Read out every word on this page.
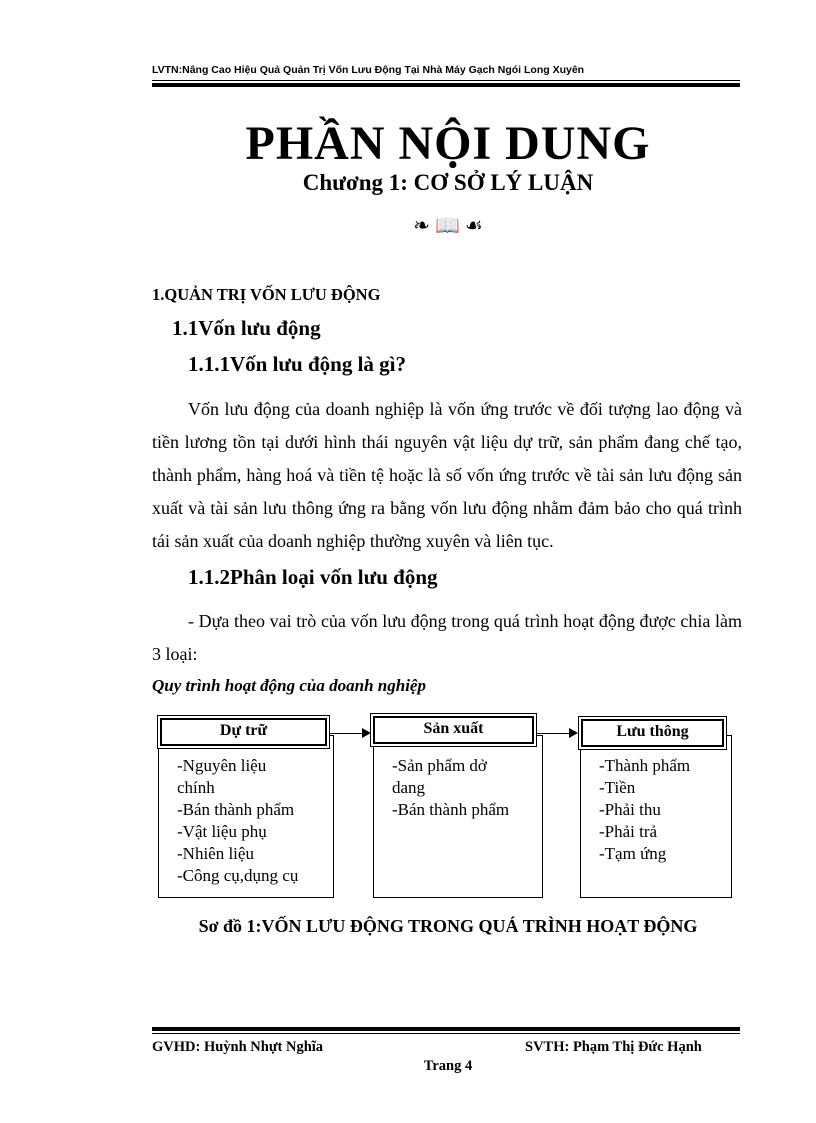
LVTN:Nâng Cao Hiệu Quả Quản Trị Vốn Lưu Động Tại Nhà Máy Gạch Ngói Long Xuyên
PHẦN NỘI DUNG
Chương 1: CƠ SỞ LÝ LUẬN
❧ 📖 ☙
1.QUẢN TRỊ VỐN LƯU ĐỘNG
1.1Vốn lưu động
1.1.1Vốn lưu động là gì?
Vốn lưu động của doanh nghiệp là vốn ứng trước về đối tượng lao động và tiền lương tồn tại dưới hình thái nguyên vật liệu dự trữ, sản phẩm đang chế tạo, thành phẩm, hàng hoá và tiền tệ hoặc là số vốn ứng trước về tài sản lưu động sản xuất và tài sản lưu thông ứng ra bằng vốn lưu động nhằm đảm bảo cho quá trình tái sản xuất của doanh nghiệp thường xuyên và liên tục.
1.1.2Phân loại vốn lưu động
- Dựa theo vai trò của vốn lưu động trong quá trình hoạt động được chia làm 3 loại:
Quy trình hoạt động của doanh nghiệp
-Nguyên liệu
chính
-Bán thành phẩm
-Vật liệu phụ
-Nhiên liệu
-Công cụ,dụng cụ
Dự trữ
-Sản phẩm dở
dang
-Bán thành phẩm
Sản xuất
-Thành phẩm
-Tiền
-Phải thu
-Phải trả
-Tạm ứng
Lưu thông
Sơ đồ 1:VỐN LƯU ĐỘNG TRONG QUÁ TRÌNH HOẠT ĐỘNG
GVHD: Huỳnh Nhựt Nghĩa	SVTH: Phạm Thị Đức Hạnh
Trang 4
